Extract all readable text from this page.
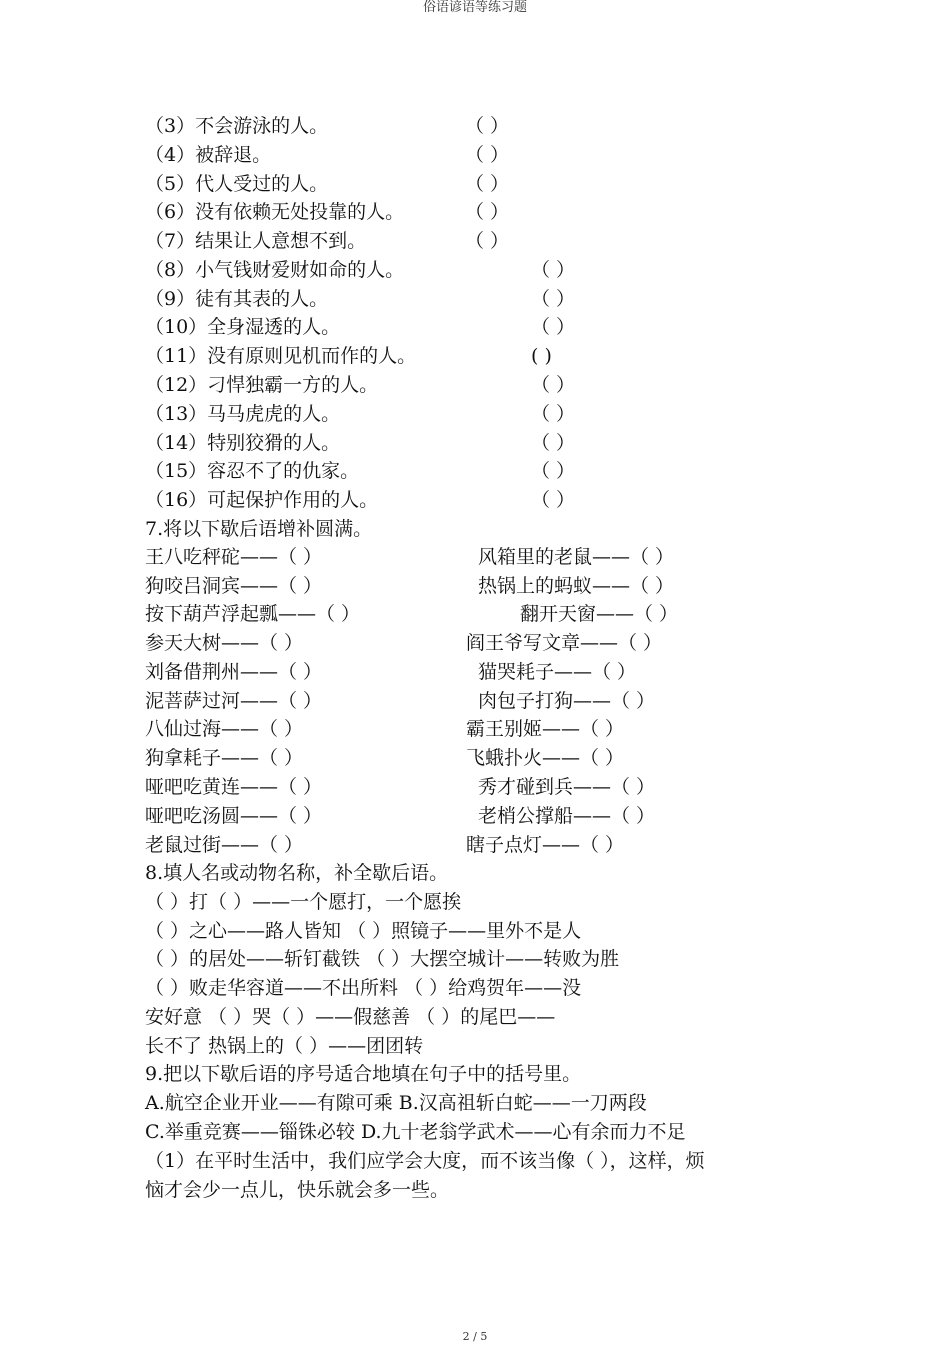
俗语谚语等练习题
（3）不会游泳的人。	（ ）
（4）被辞退。	（ ）
（5）代人受过的人。	（ ）
（6）没有依赖无处投靠的人。	（ ）
（7）结果让人意想不到。	（ ）
（8）小气钱财爱财如命的人。	（ ）
（9）徒有其表的人。	（ ）
（10）全身湿透的人。	（ ）
（11）没有原则见机而作的人。	( )
（12）刁悍独霸一方的人。	（ ）
（13）马马虎虎的人。	（ ）
（14）特别狡猾的人。	（ ）
（15）容忍不了的仇家。	（ ）
（16）可起保护作用的人。	（ ）
7.将以下歇后语增补圆满。
王八吃秤砣——（ ）	风箱里的老鼠——（ ）
狗咬吕洞宾——（ ）	热锅上的蚂蚁——（ ）
按下葫芦浮起瓢——（ ）	翻开天窗——（ ）
参天大树——（ ）	阎王爷写文章——（ ）
刘备借荆州——（ ）	猫哭耗子——（ ）
泥菩萨过河——（ ）	肉包子打狗——（ ）
八仙过海——（ ）	霸王别姬——（ ）
狗拿耗子——（ ）	飞蛾扑火——（ ）
哑吧吃黄连——（ ）	秀才碰到兵——（ ）
哑吧吃汤圆——（ ）	老梢公撑船——（ ）
老鼠过街——（ ）	瞎子点灯——（ ）
8.填人名或动物名称，补全歇后语。
（ ）打（ ）——一个愿打，一个愿挨
（ ）之心——路人皆知 （ ）照镜子——里外不是人
（ ）的居处——斩钉截铁 （ ）大摆空城计——转败为胜
（ ）败走华容道——不出所料 （ ）给鸡贺年——没
安好意 （ ）哭（ ）——假慈善 （ ）的尾巴——
长不了 热锅上的（ ）——团团转
9.把以下歇后语的序号适合地填在句子中的括号里。
A.航空企业开业——有隙可乘 B.汉高祖斩白蛇——一刀两段
C.举重竞赛——锱铢必较 D.九十老翁学武术——心有余而力不足
（1）在平时生活中，我们应学会大度，而不该当像（ ），这样，烦
恼才会少一点儿，快乐就会多一些。
2 / 5
